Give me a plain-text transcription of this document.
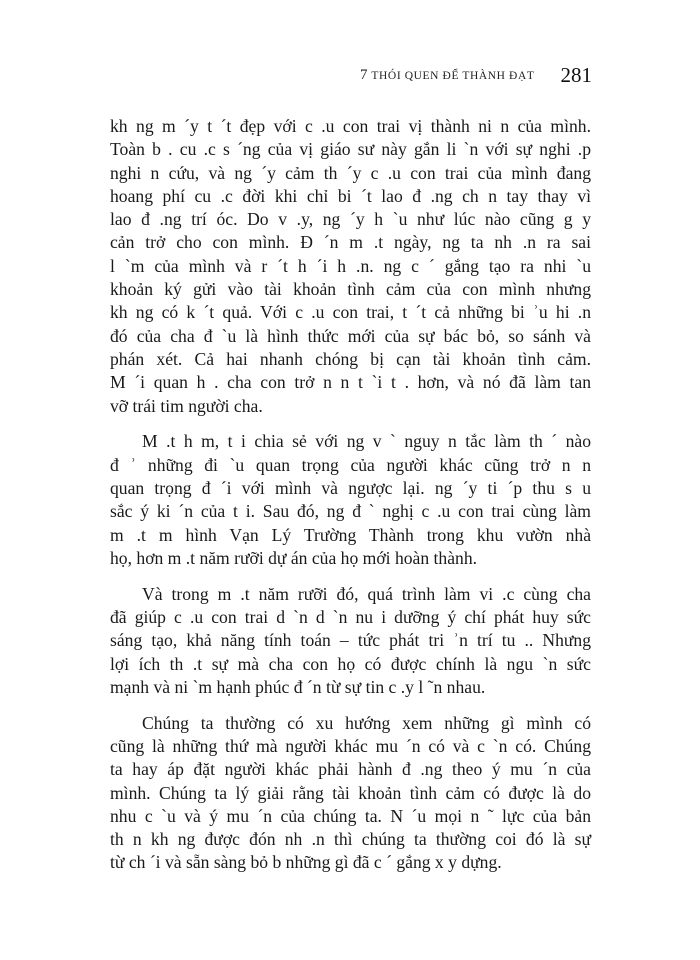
7 THÓI QUEN ĐỂ THÀNH ĐẠT 281
kh ng m ´y t ´t đẹp với c .u con trai vị thành ni n của mình.
Toàn b . cu .c s ´ng của vị giáo sư này gắn li `n với sự nghi .p
nghi n cứu, và ng ´y cảm th ´y c .u con trai của mình đang
hoang phí cu .c đời khi chỉ bi ´t lao đ .ng ch n tay thay vì
lao đ .ng trí óc. Do v .y, ng ´y h `u như lúc nào cũng g y
cản trở cho con mình. Đ ´n m .t ngày, ng ta nh .n ra sai
l `m của mình và r ´t h ´i h .n. ng c ´ gắng tạo ra nhi `u
khoản ký gửi vào tài khoản tình cảm của con mình nhưng
kh ng có k ´t quả. Với c .u con trai, t ´t cả những bi ʾu hi .n
đó của cha đ `u là hình thức mới của sự bác bỏ, so sánh và
phán xét. Cả hai nhanh chóng bị cạn tài khoản tình cảm.
M ´i quan h . cha con trở n n t `i t . hơn, và nó đã làm tan
vỡ trái tim người cha.
M .t h m, t i chia sẻ với ng v ` nguy n tắc làm th ´ nào
đ ʾ những đi `u quan trọng của người khác cũng trở n n
quan trọng đ ´i với mình và ngược lại. ng ´y ti ´p thu s u
sắc ý ki ´n của t i. Sau đó, ng đ ` nghị c .u con trai cùng làm
m .t m hình Vạn Lý Trường Thành trong khu vườn nhà
họ, hơn m .t năm rưỡi dự án của họ mới hoàn thành.
Và trong m .t năm rưỡi đó, quá trình làm vi .c cùng cha
đã giúp c .u con trai d `n d `n nu i dưỡng ý chí phát huy sức
sáng tạo, khả năng tính toán – tức phát tri ʾn trí tu .. Nhưng
lợi ích th .t sự mà cha con họ có được chính là ngu `n sức
mạnh và ni `m hạnh phúc đ ´n từ sự tin c .y l ˜n nhau.
Chúng ta thường có xu hướng xem những gì mình có
cũng là những thứ mà người khác mu ´n có và c `n có. Chúng
ta hay áp đặt người khác phải hành đ .ng theo ý mu ´n của
mình. Chúng ta lý giải rằng tài khoản tình cảm có được là do
nhu c `u và ý mu ´n của chúng ta. N ´u mọi n ˜ lực của bản
th n kh ng được đón nh .n thì chúng ta thường coi đó là sự
từ ch ´i và sẵn sàng bỏ b những gì đã c ´ gắng x y dựng.
